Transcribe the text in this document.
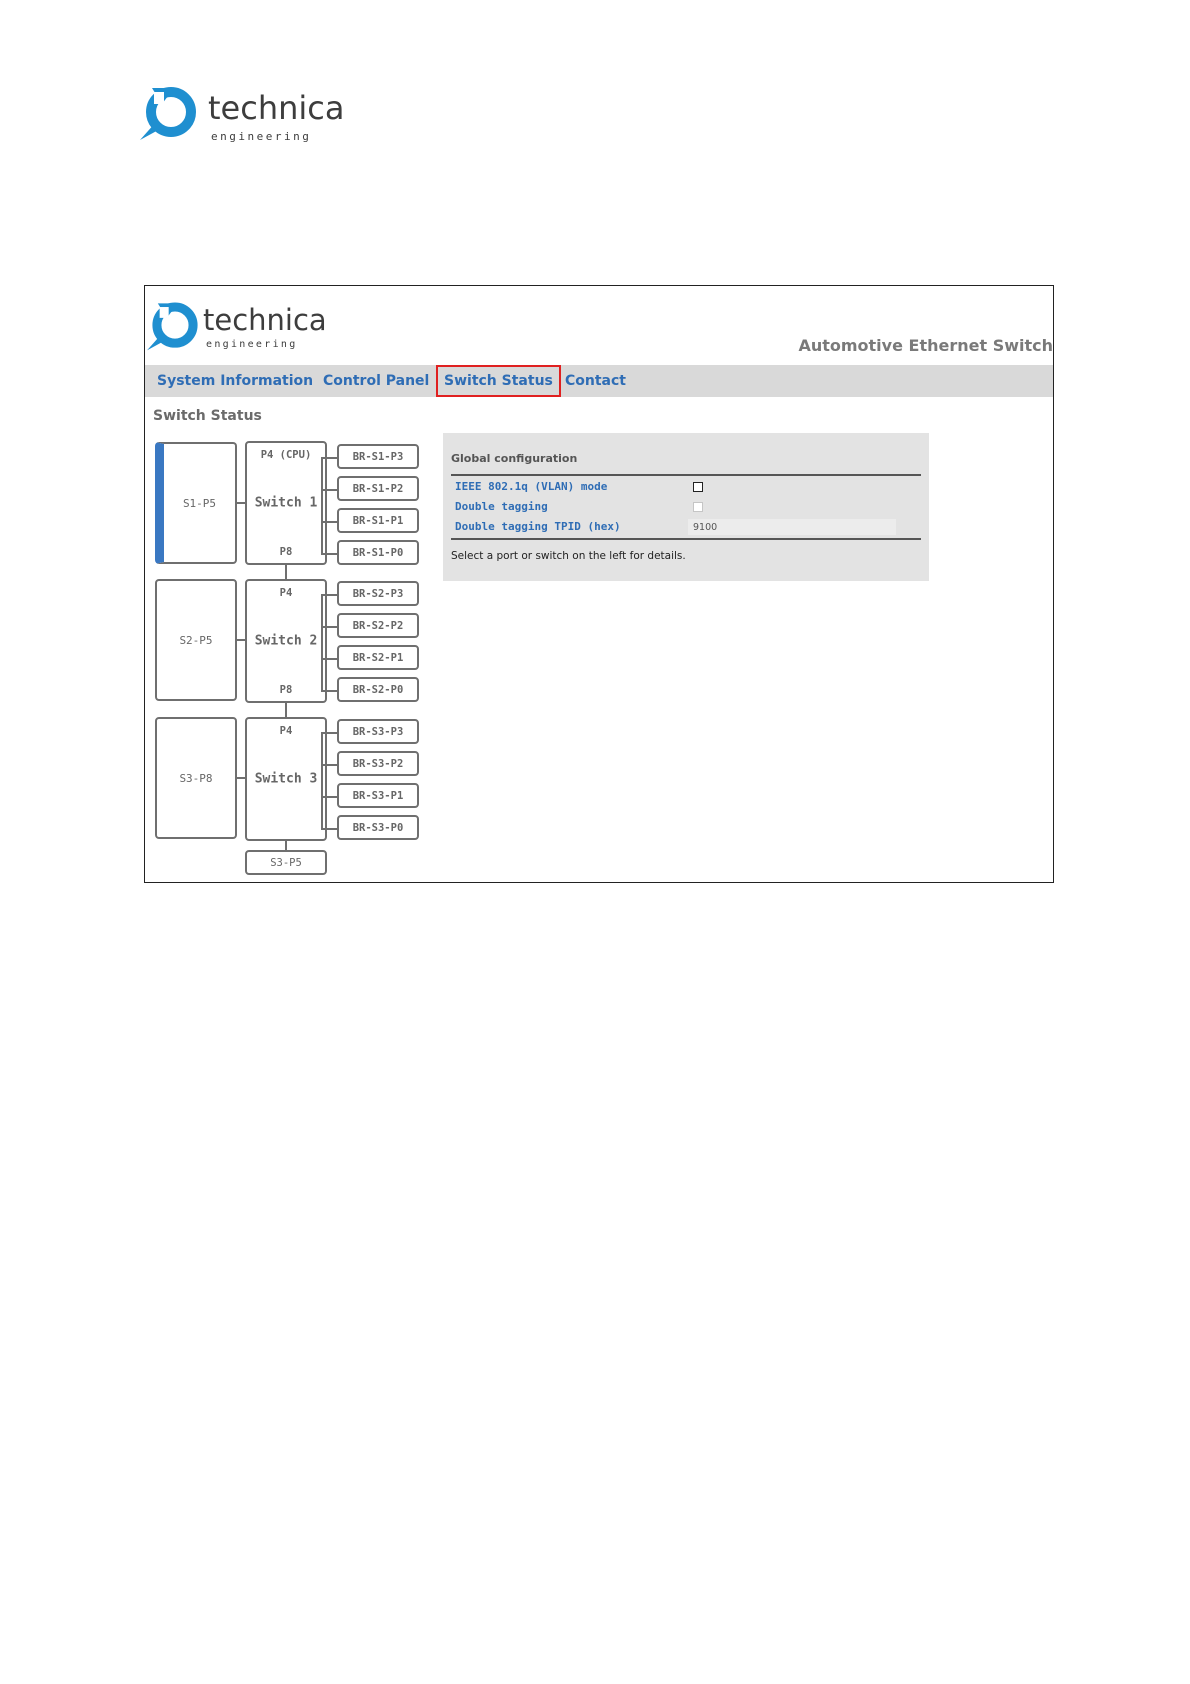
technica
engineering
technica
engineering	Automotive Ethernet Switch
System Information Control Panel	Switch Status Contact
Switch Status
S1-P5
P4 (CPU)
Switch 1
P8
BR-S1-P3
BR-S1-P2
BR-S1-P1
BR-S1-P0
S2-P5
P4
Switch 2
P8
BR-S2-P3
BR-S2-P2
BR-S2-P1
BR-S2-P0
S3-P8
P4
Switch 3
BR-S3-P3
BR-S3-P2
BR-S3-P1
BR-S3-P0
S3-P5
Global configuration
IEEE 802.1q (VLAN) mode
Double tagging
Double tagging TPID (hex)
9100
Select a port or switch on the left for details.
